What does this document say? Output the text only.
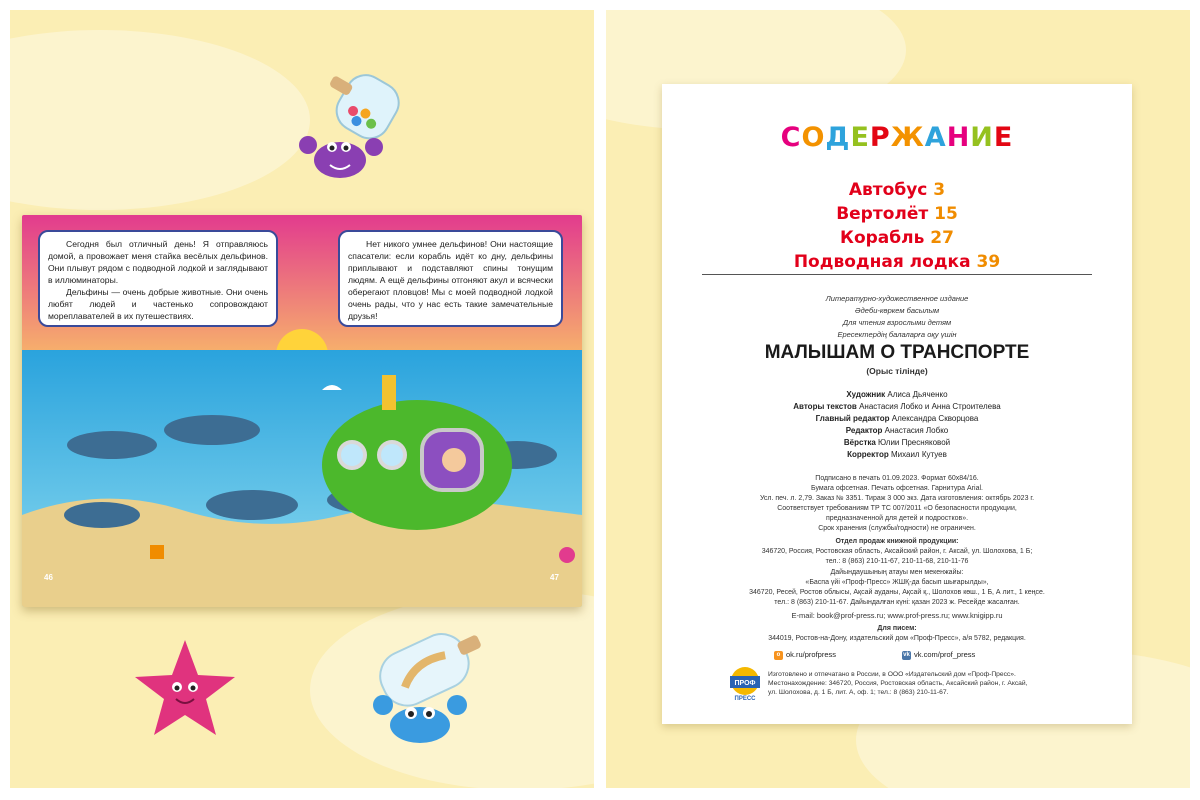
Сегодня был отличный день! Я отправляюсь домой, а провожает меня стайка весёлых дельфинов. Они плывут рядом с подводной лодкой и заглядывают в иллюминаторы.

Дельфины — очень добрые животные. Они очень любят людей и частенько сопровождают мореплавателей в их путешествиях.

Нет никого умнее дельфинов! Они настоящие спасатели: если корабль идёт ко дну, дельфины приплывают и подставляют спины тонущим людям. А ещё дельфины отгоняют акул и всячески оберегают пловцов! Мы с моей подводной лодкой очень рады, что у нас есть такие замечательные друзья!

46	47
СОДЕРЖАНИЕ
Автобус 3
Вертолёт 15
Корабль 27
Подводная лодка 39
Литературно-художественное издание
Әдеби-көркем басылым
Для чтения взрослыми детям
Ересектердің балаларға оқу үшін
МАЛЫШАМ О ТРАНСПОРТЕ
(Орыс тілінде)
Художник Алиса Дьяченко
Авторы текстов Анастасия Лобко и Анна Строителева
Главный редактор Александра Скворцова
Редактор Анастасия Лобко
Вёрстка Юлии Пресняковой
Корректор Михаил Кутуев
Подписано в печать 01.09.2023. Формат 60x84/16.
Бумага офсетная. Печать офсетная. Гарнитура Arial.
Усл. печ. л. 2,79. Заказ № 3351. Тираж 3 000 экз. Дата изготовления: октябрь 2023 г.
Соответствует требованиям ТР ТС 007/2011 «О безопасности продукции,
предназначенной для детей и подростков».
Срок хранения (службы/годности) не ограничен.
Отдел продаж книжной продукции:
346720, Россия, Ростовская область, Аксайский район, г. Аксай, ул. Шолохова, 1 Б;
тел.: 8 (863) 210-11-67, 210-11-68, 210-11-76
Дайындаушының атауы мен мекенжайы:
«Баспа үйі «Проф-Пресс» ЖШҚ-да басып шығарылды»,
346720, Ресей, Ростов облысы, Ақсай ауданы, Ақсай қ., Шолохов көш., 1 Б, А лит., 1 кеңсе.
тел.: 8 (863) 210-11-67. Дайындалған күні: қазан 2023 ж. Ресейде жасалған.
E-mail: book@prof-press.ru; www.prof-press.ru; www.knigipp.ru
Для писем:
344019, Ростов-на-Дону, издательский дом «Проф-Пресс», а/я 5782, редакция.
o ok.ru/profpress	vk vk.com/prof_press
ПРОФ
ПРЕСС
Изготовлено и отпечатано в России, в ООО «Издательский дом «Проф-Пресс».
Местонахождение: 346720, Россия, Ростовская область, Аксайский район, г. Аксай,
ул. Шолохова, д. 1 Б, лит. А, оф. 1; тел.: 8 (863) 210-11-67.
